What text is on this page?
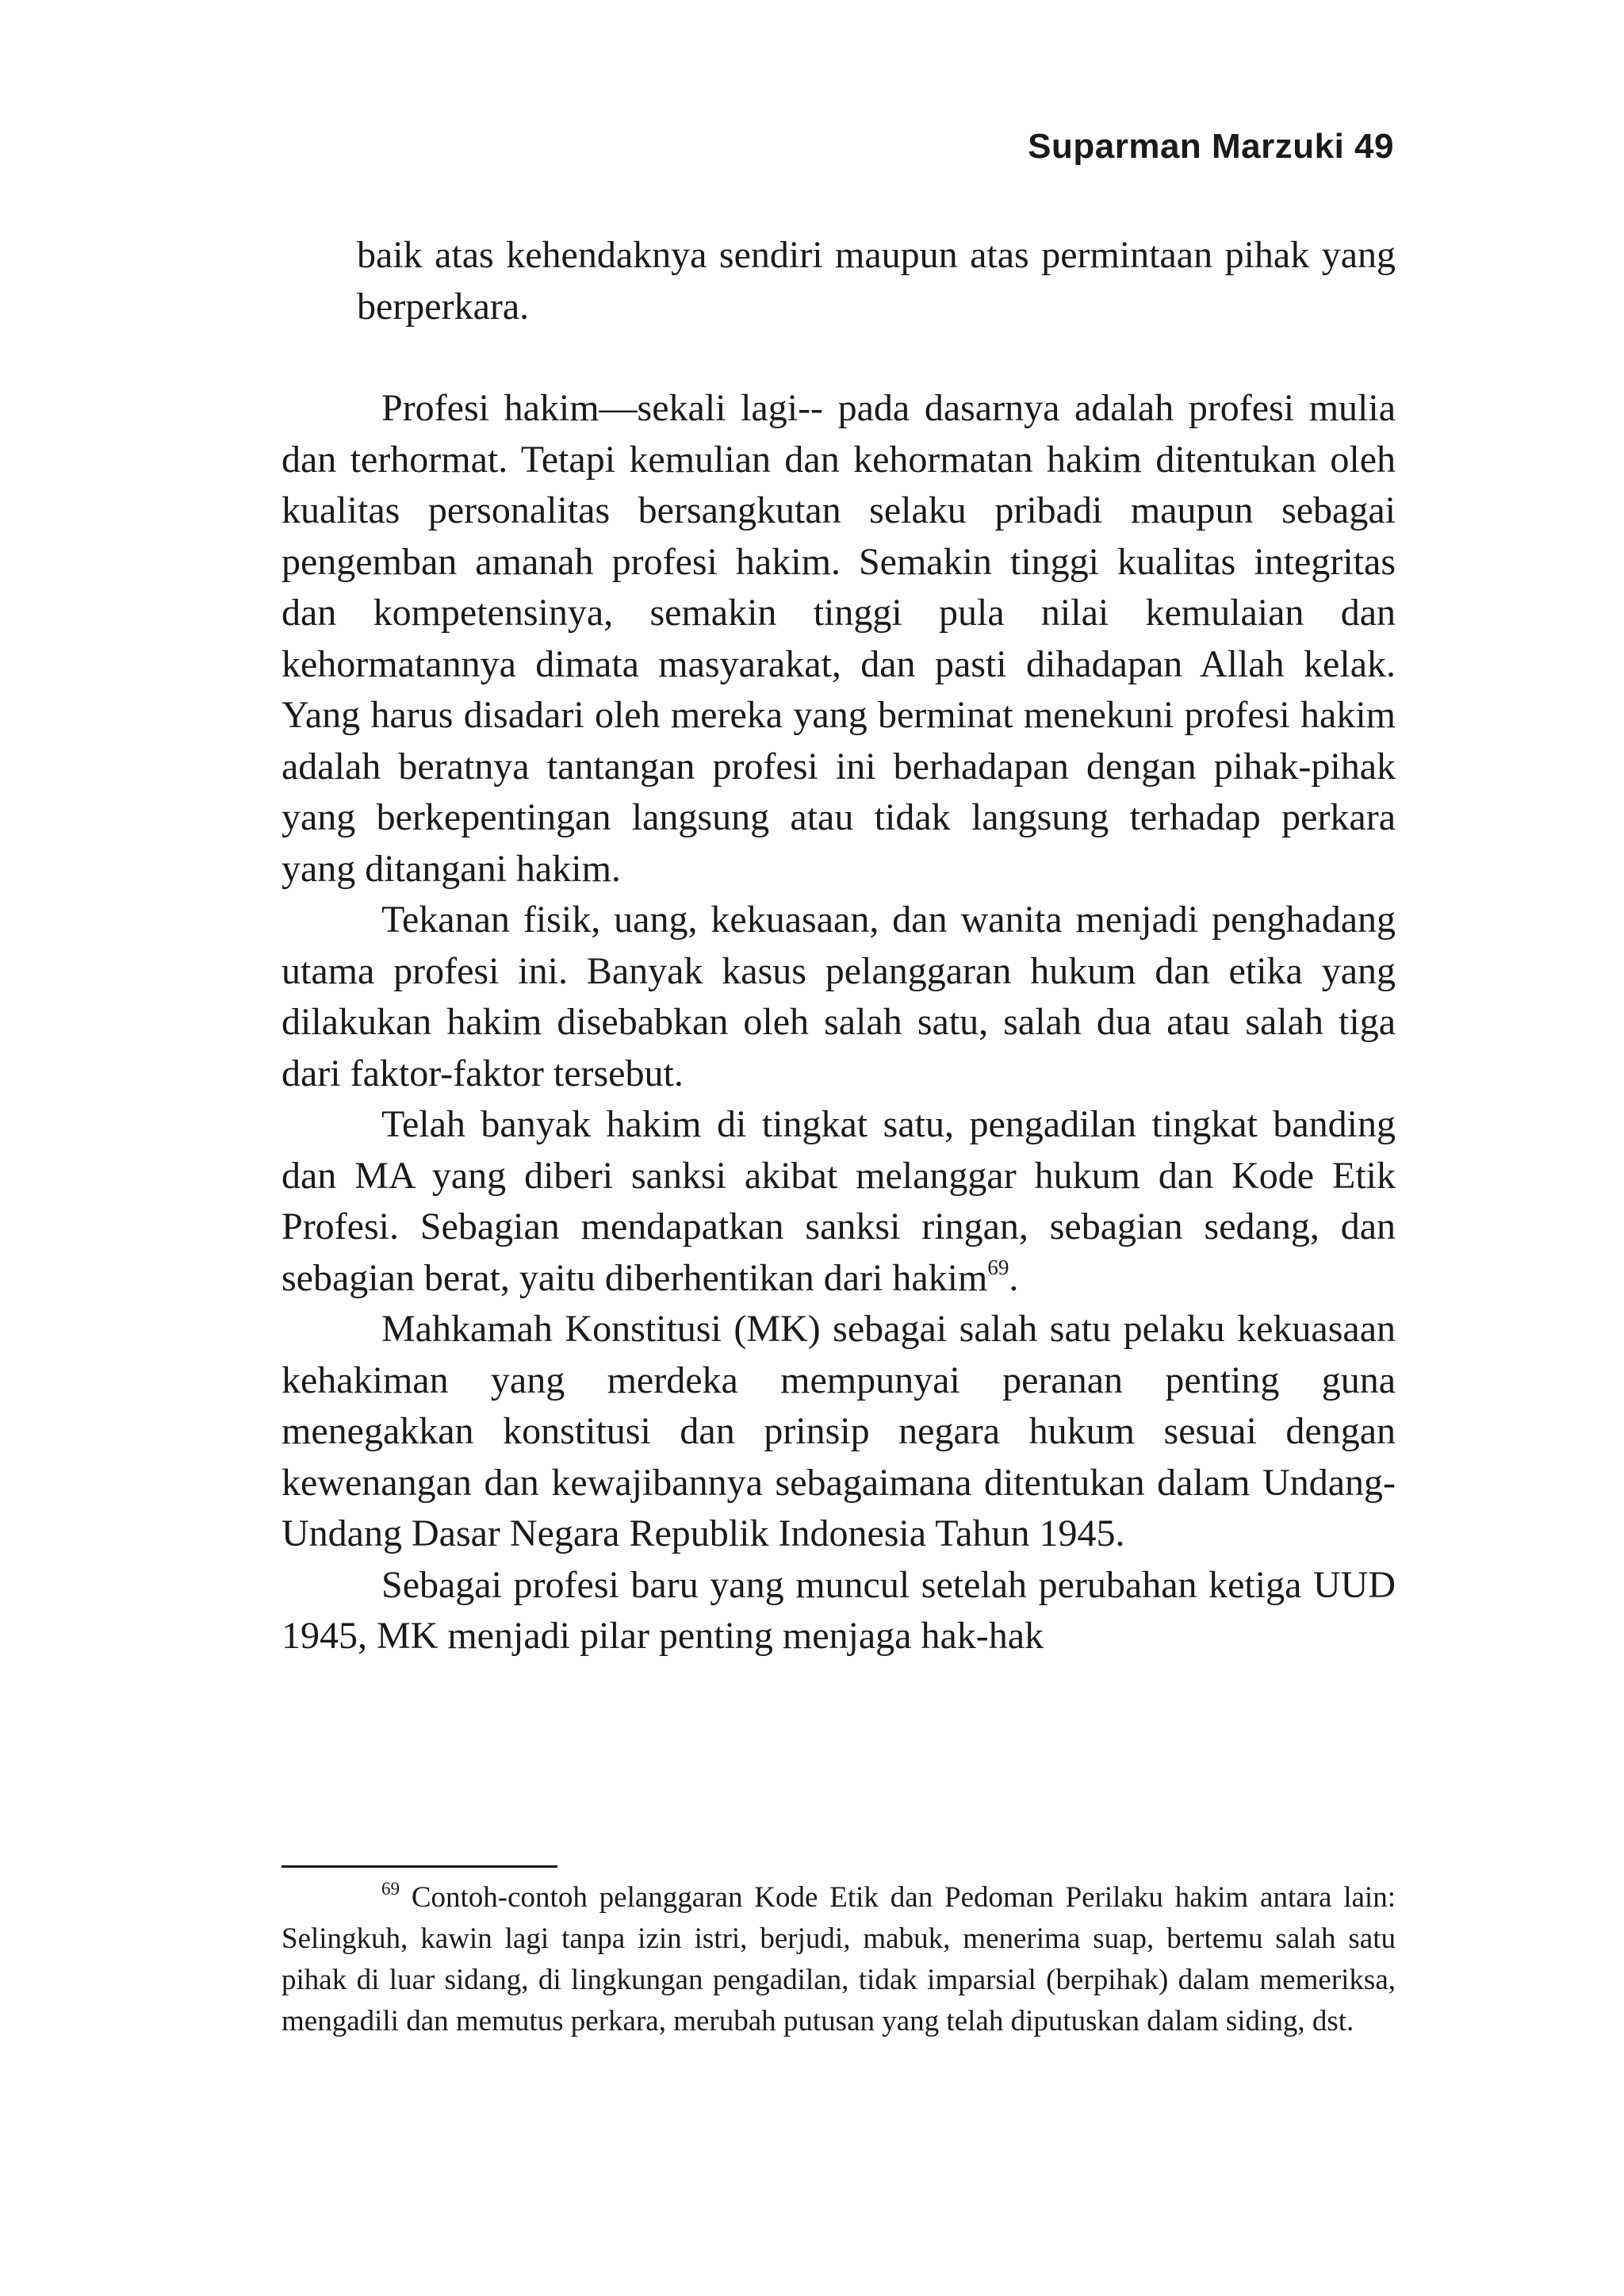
Suparman Marzuki 49

baik atas kehendaknya sendiri maupun atas permintaan pihak yang berperkara.

Profesi hakim—sekali lagi-- pada dasarnya adalah profesi mulia dan terhormat. Tetapi kemulian dan kehormatan hakim ditentukan oleh kualitas personalitas bersangkutan selaku pribadi maupun sebagai pengemban amanah profesi hakim. Semakin tinggi kualitas integritas dan kompetensinya, semakin tinggi pula nilai kemulaian dan kehormatannya dimata masyarakat, dan pasti dihadapan Allah kelak. Yang harus disadari oleh mereka yang berminat menekuni profesi hakim adalah beratnya tantangan profesi ini berhadapan dengan pihak-pihak yang berkepentingan langsung atau tidak langsung terhadap perkara yang ditangani hakim.

Tekanan fisik, uang, kekuasaan, dan wanita menjadi penghadang utama profesi ini. Banyak kasus pelanggaran hukum dan etika yang dilakukan hakim disebabkan oleh salah satu, salah dua atau salah tiga dari faktor-faktor tersebut.

Telah banyak hakim di tingkat satu, pengadilan tingkat banding dan MA yang diberi sanksi akibat melanggar hukum dan Kode Etik Profesi. Sebagian mendapatkan sanksi ringan, sebagian sedang, dan sebagian berat, yaitu diberhentikan dari hakim$^{69}$.

Mahkamah Konstitusi (MK) sebagai salah satu pelaku kekuasaan kehakiman yang merdeka mempunyai peranan penting guna menegakkan konstitusi dan prinsip negara hukum sesuai dengan kewenangan dan kewajibannya sebagaimana ditentukan dalam Undang-Undang Dasar Negara Republik Indonesia Tahun 1945.

Sebagai profesi baru yang muncul setelah perubahan ketiga UUD 1945, MK menjadi pilar penting menjaga hak-hak

$^{69}$ Contoh-contoh pelanggaran Kode Etik dan Pedoman Perilaku hakim antara lain: Selingkuh, kawin lagi tanpa izin istri, berjudi, mabuk, menerima suap, bertemu salah satu pihak di luar sidang, di lingkungan pengadilan, tidak imparsial (berpihak) dalam memeriksa, mengadili dan memutus perkara, merubah putusan yang telah diputuskan dalam siding, dst.
